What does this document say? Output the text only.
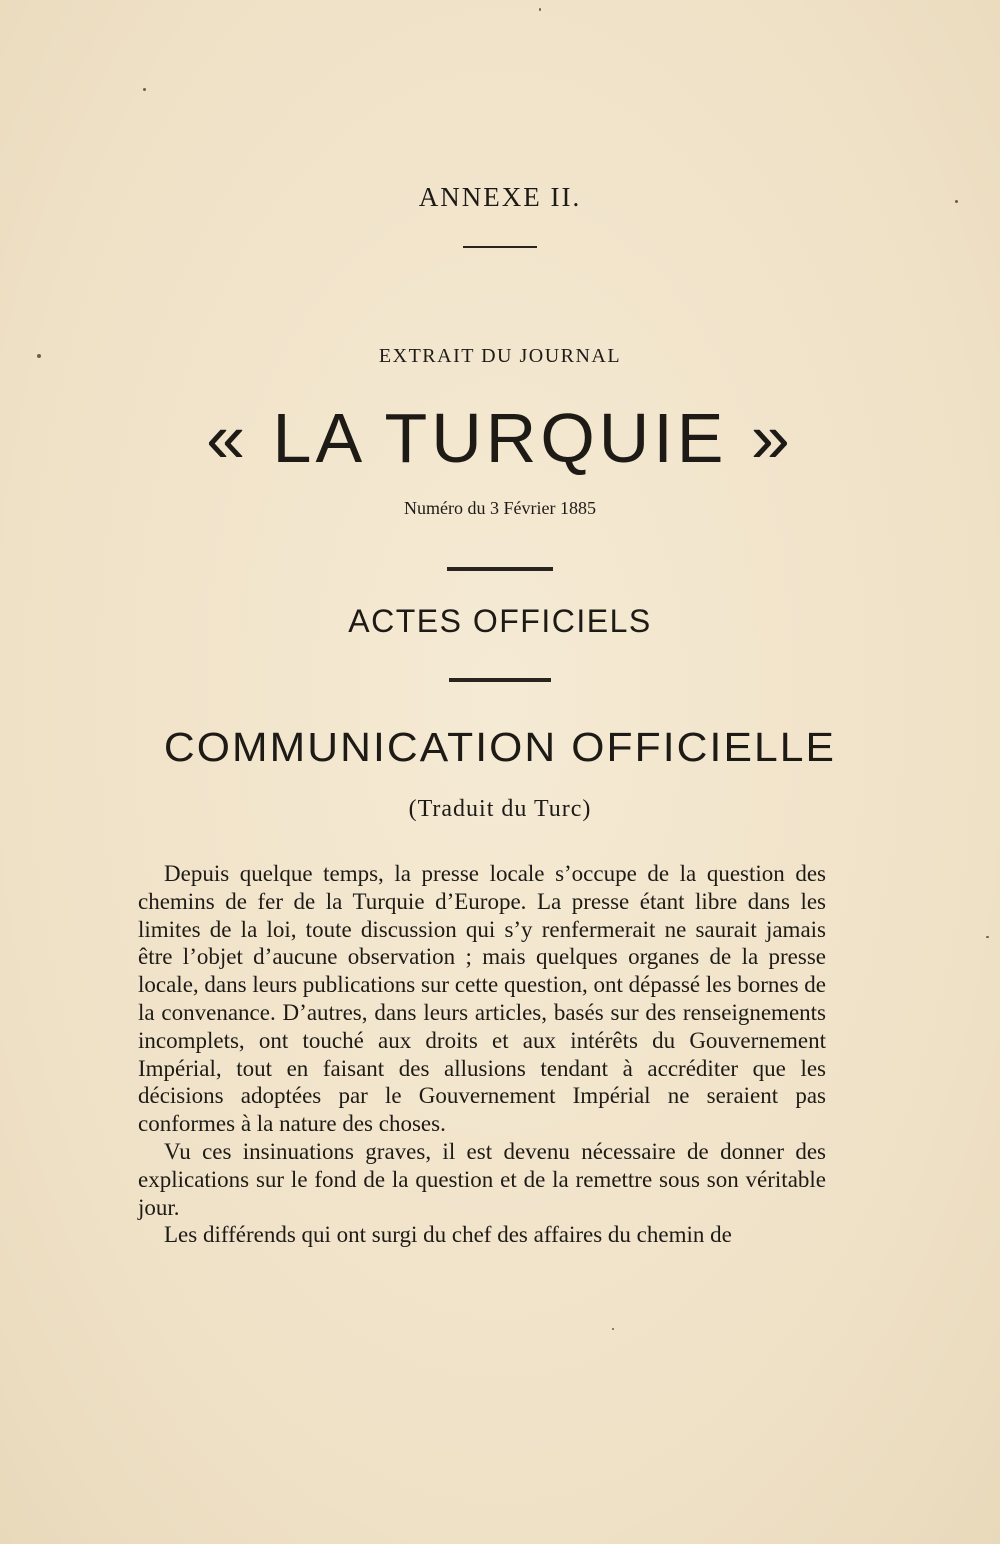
ANNEXE II.
EXTRAIT DU JOURNAL
« LA TURQUIE »
Numéro du 3 Février 1885
ACTES OFFICIELS
COMMUNICATION OFFICIELLE
(Traduit du Turc)

Depuis quelque temps, la presse locale s’occupe de la question des chemins de fer de la Turquie d’Europe. La presse étant libre dans les limites de la loi, toute discussion qui s’y renfermerait ne saurait jamais être l’objet d’aucune observation ; mais quelques organes de la presse locale, dans leurs publications sur cette question, ont dépassé les bornes de la convenance. D’autres, dans leurs articles, basés sur des renseignements incomplets, ont touché aux droits et aux intérêts du Gouvernement Impérial, tout en faisant des allusions tendant à accréditer que les décisions adoptées par le Gouvernement Impérial ne seraient pas conformes à la nature des choses.

Vu ces insinuations graves, il est devenu nécessaire de donner des explications sur le fond de la question et de la remettre sous son véritable jour.

Les différends qui ont surgi du chef des affaires du chemin de
